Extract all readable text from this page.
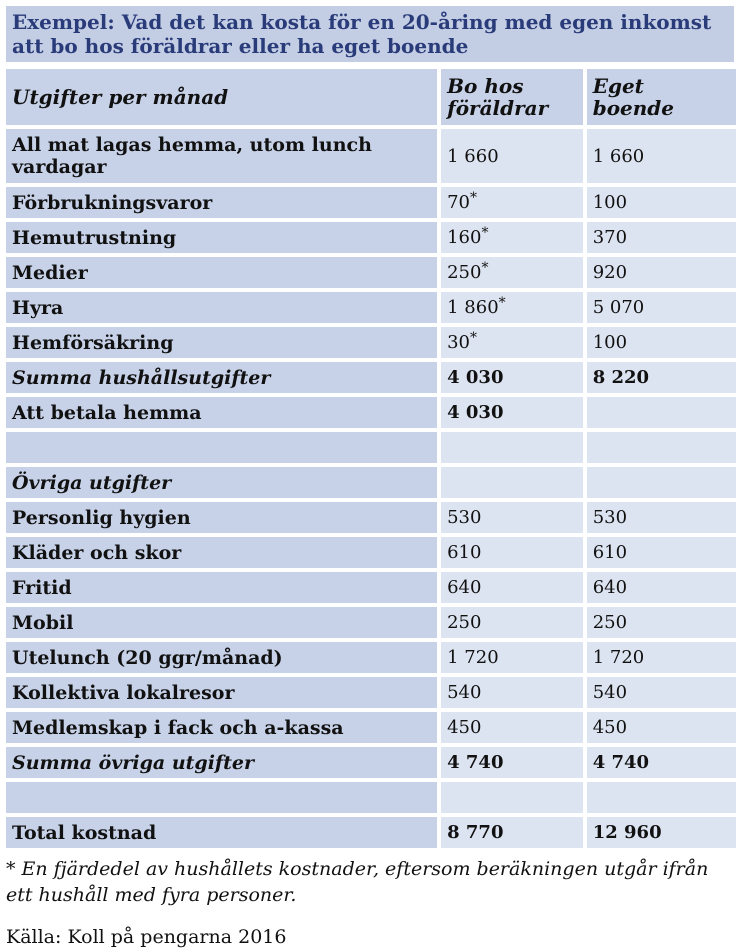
Exempel: Vad det kan kosta för en 20-åring med egen inkomst att bo hos föräldrar eller ha eget boende
Utgifter per månad	Bo hos föräldrar	Eget boende
All mat lagas hemma, utom lunch vardagar	1 660	1 660
Förbrukningsvaror	70*	100
Hemutrustning	160*	370
Medier	250*	920
Hyra	1 860*	5 070
Hemförsäkring	30*	100
Summa hushållsutgifter	4 030	8 220
Att betala hemma	4 030	

Övriga utgifter		
Personlig hygien	530	530
Kläder och skor	610	610
Fritid	640	640
Mobil	250	250
Utelunch (20 ggr/månad)	1 720	1 720
Kollektiva lokalresor	540	540
Medlemskap i fack och a-kassa	450	450
Summa övriga utgifter	4 740	4 740

Total kostnad	8 770	12 960
* En fjärdedel av hushållets kostnader, eftersom beräkningen utgår ifrån ett hushåll med fyra personer.
Källa: Koll på pengarna 2016
